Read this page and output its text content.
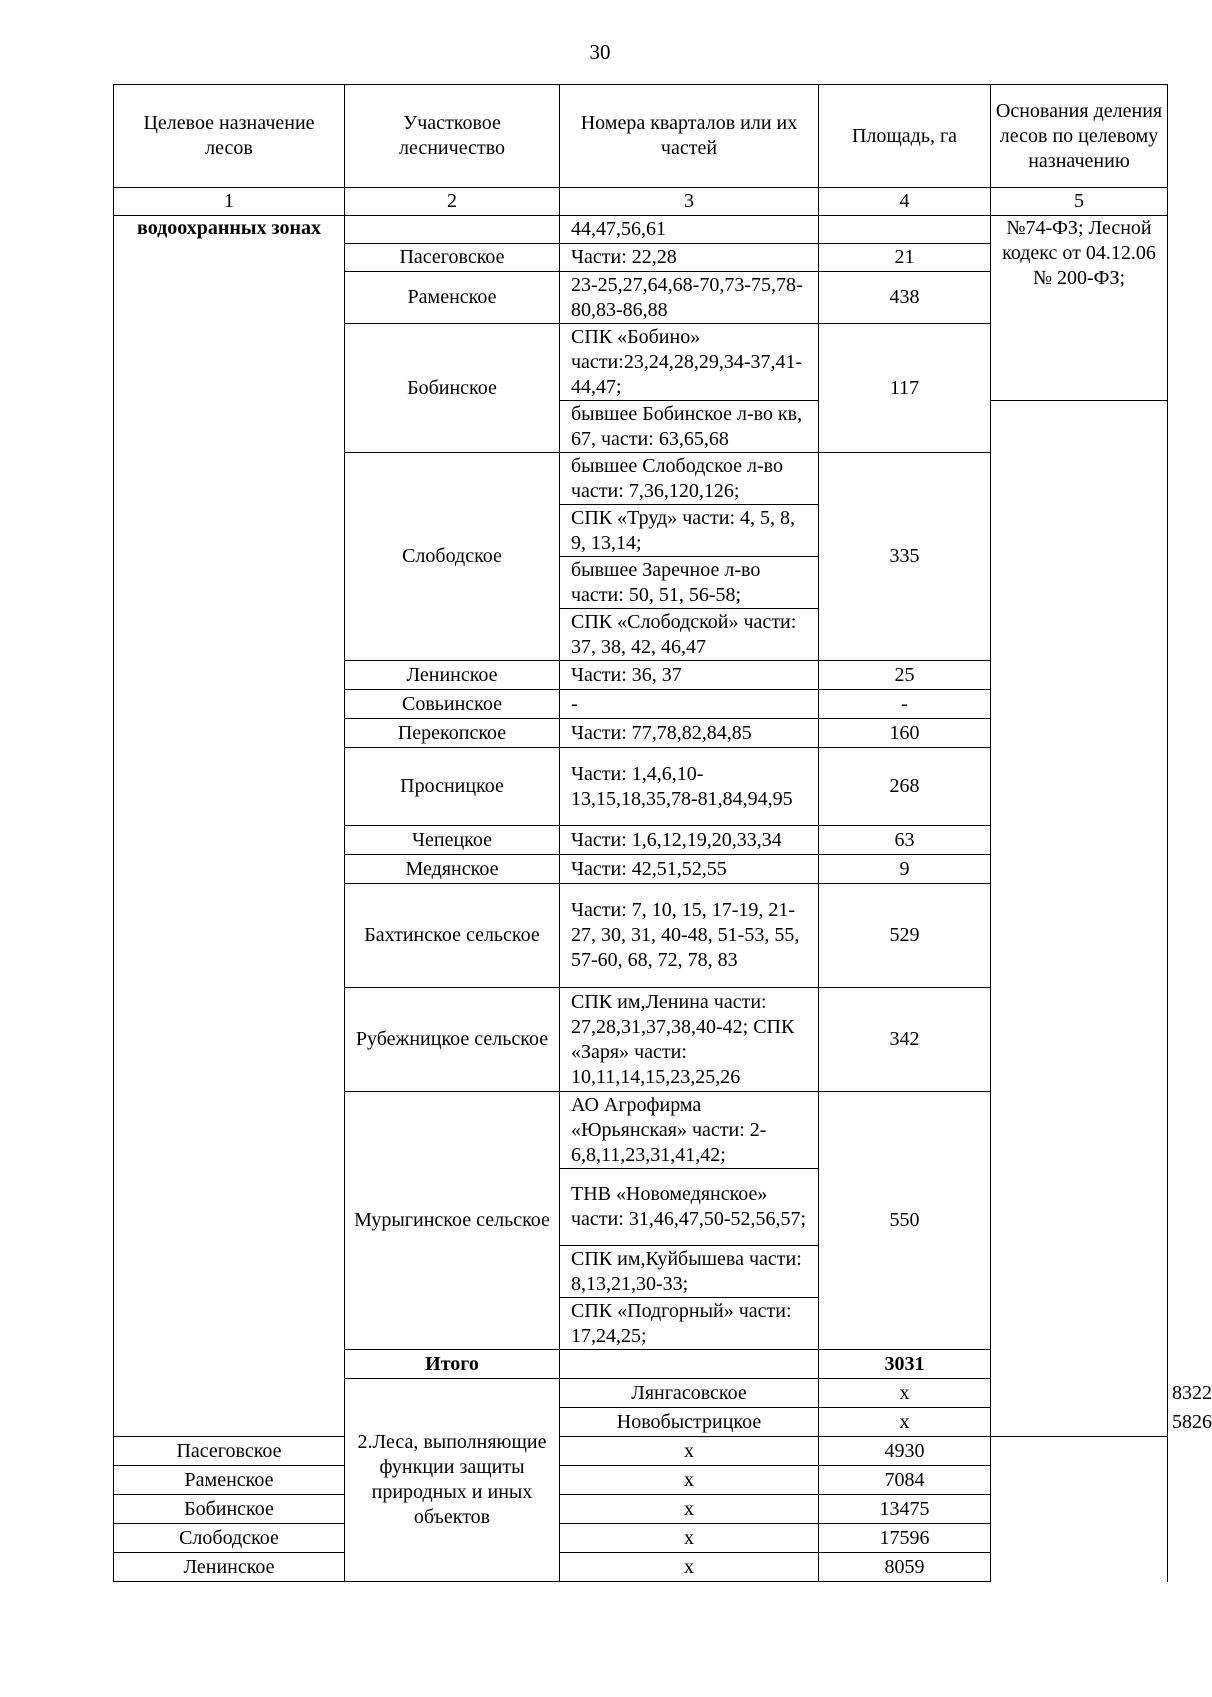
30
Целевое назначение лесов	Участковое лесничество	Номера кварталов или их частей	Площадь, га	Основания деления лесов по целевому назначению	
1	2	3	4	5	
водоохранных зонах		44,47,56,61		№74-ФЗ; Лесной кодекс от 04.12.06 № 200-ФЗ;	
	Пасеговское	Части: 22,28	21		
	Раменское	23-25,27,64,68-70,73-75,78-80,83-86,88	438		
	Бобинское	СПК «Бобино» части:23,24,28,29,34-37,41-44,47;	117		
		бывшее Бобинское л-во кв, 67, части: 63,65,68			
	Слободское	бывшее Слободское л-во части: 7,36,120,126;	335		
		СПК «Труд» части: 4, 5, 8, 9, 13,14;			
		бывшее Заречное л-во части: 50, 51, 56-58;			
		СПК «Слободской» части: 37, 38, 42, 46,47			
	Ленинское	Части: 36, 37	25		
	Совьинское	-	-		
	Перекопское	Части: 77,78,82,84,85	160		
	Просницкое	Части: 1,4,6,10-13,15,18,35,78-81,84,94,95	268		
	Чепецкое	Части: 1,6,12,19,20,33,34	63		
	Медянское	Части: 42,51,52,55	9		
	Бахтинское сельское	Части: 7, 10, 15, 17-19, 21-27, 30, 31, 40-48, 51-53, 55, 57-60, 68, 72, 78, 83	529		
	Рубежницкое сельское	СПК им,Ленина части: 27,28,31,37,38,40-42; СПК «Заря» части: 10,11,14,15,23,25,26	342		
	Мурыгинское сельское	АО Агрофирма «Юрьянская» части: 2-6,8,11,23,31,41,42;	550		
		ТНВ «Новомедянское» части: 31,46,47,50-52,56,57;			
		СПК им,Куйбышева части: 8,13,21,30-33;			
		СПК «Подгорный» части: 17,24,25;			
	Итого		3031		
	2.Леса, выполняющие функции защиты природных и иных объектов	Лянгасовское	х		8322	
		Новобыстрицкое	х		5826
Пасеговское		х	4930		
Раменское		х	7084		
Бобинское		х	13475		
Слободское		х	17596		
Ленинское		х	8059		
